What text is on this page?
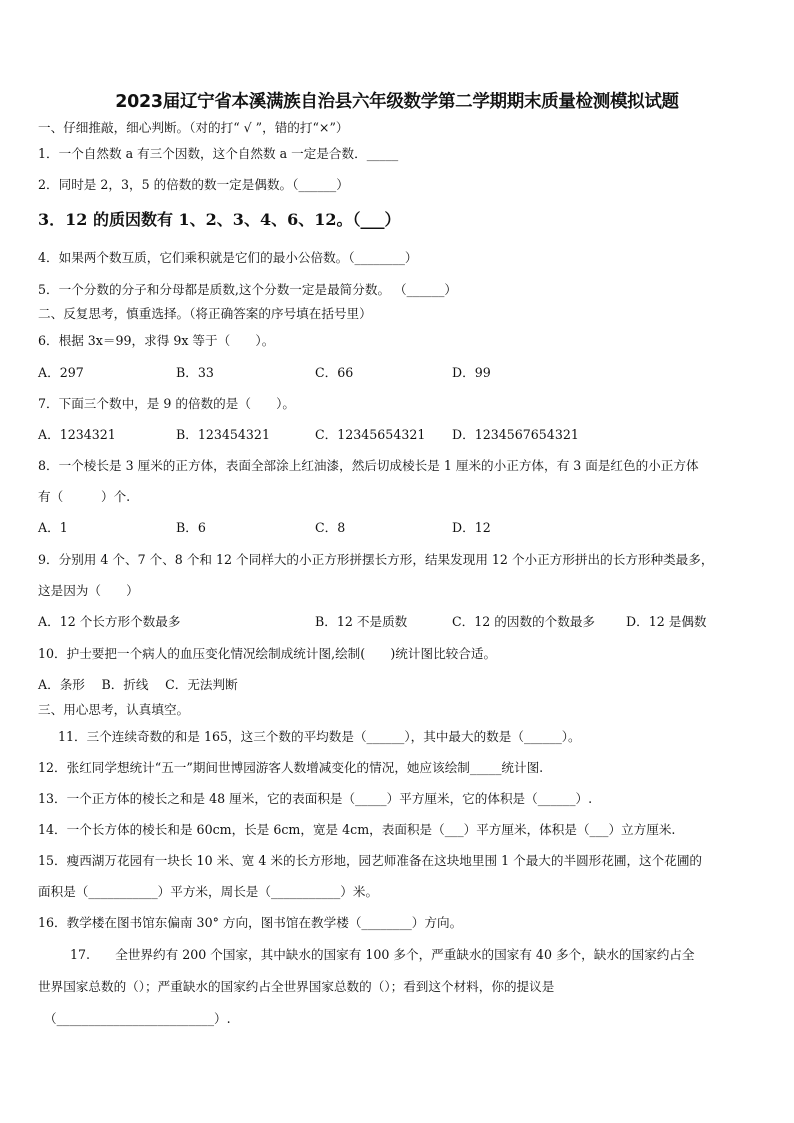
2023届辽宁省本溪满族自治县六年级数学第二学期期末质量检测模拟试题
一、仔细推敲，细心判断。（对的打“ √ ”，错的打“×”）
1．一个自然数 a 有三个因数，这个自然数 a 一定是合数．_____
2．同时是 2，3，5 的倍数的数一定是偶数。（______）
3．12 的质因数有 1、2、3、4、6、12。（___）
4．如果两个数互质，它们乘积就是它们的最小公倍数。（________）
5．一个分数的分子和分母都是质数,这个分数一定是最简分数。 （______）
二、反复思考，慎重选择。（将正确答案的序号填在括号里）
6．根据 3x＝99，求得 9x 等于（　　）。
A．297	B．33	C．66	D．99
7．下面三个数中，是 9 的倍数的是（　　）。
A．1234321	B．123454321	C．12345654321 D．1234567654321
8．一个棱长是 3 厘米的正方体，表面全部涂上红油漆，然后切成棱长是 1 厘米的小正方体，有 3 面是红色的小正方体
有（　　　）个.
A．1	B．6	C．8	D．12
9．分别用 4 个、7 个、8 个和 12 个同样大的小正方形拼摆长方形，结果发现用 12 个小正方形拼出的长方形种类最多，
这是因为（　　）
A．12 个长方形个数最多	B．12 不是质数	C．12 的因数的个数最多 D．12 是偶数
10．护士要把一个病人的血压变化情况绘制成统计图,绘制(　　)统计图比较合适。
A．条形　 B．折线　 C．无法判断
三、用心思考，认真填空。
11．三个连续奇数的和是 165，这三个数的平均数是（______），其中最大的数是（______）。
12．张红同学想统计“五一”期间世博园游客人数增减变化的情况，她应该绘制_____统计图.
13．一个正方体的棱长之和是 48 厘米，它的表面积是（_____）平方厘米，它的体积是（______）.
14．一个长方体的棱长和是 60cm，长是 6cm，宽是 4cm，表面积是（___）平方厘米，体积是（___）立方厘米.
15．瘦西湖万花园有一块长 10 米、宽 4 米的长方形地，园艺师准备在这块地里围 1 个最大的半圆形花圃，这个花圃的
面积是（___________）平方米，周长是（___________）米。
16．教学楼在图书馆东偏南 30° 方向，图书馆在教学楼（________）方向。
17.　　全世界约有 200 个国家，其中缺水的国家有 100 多个，严重缺水的国家有 40 多个，缺水的国家约占全
世界国家总数的（）；严重缺水的国家约占全世界国家总数的（）；看到这个材料，你的提议是
（_________________________）.
